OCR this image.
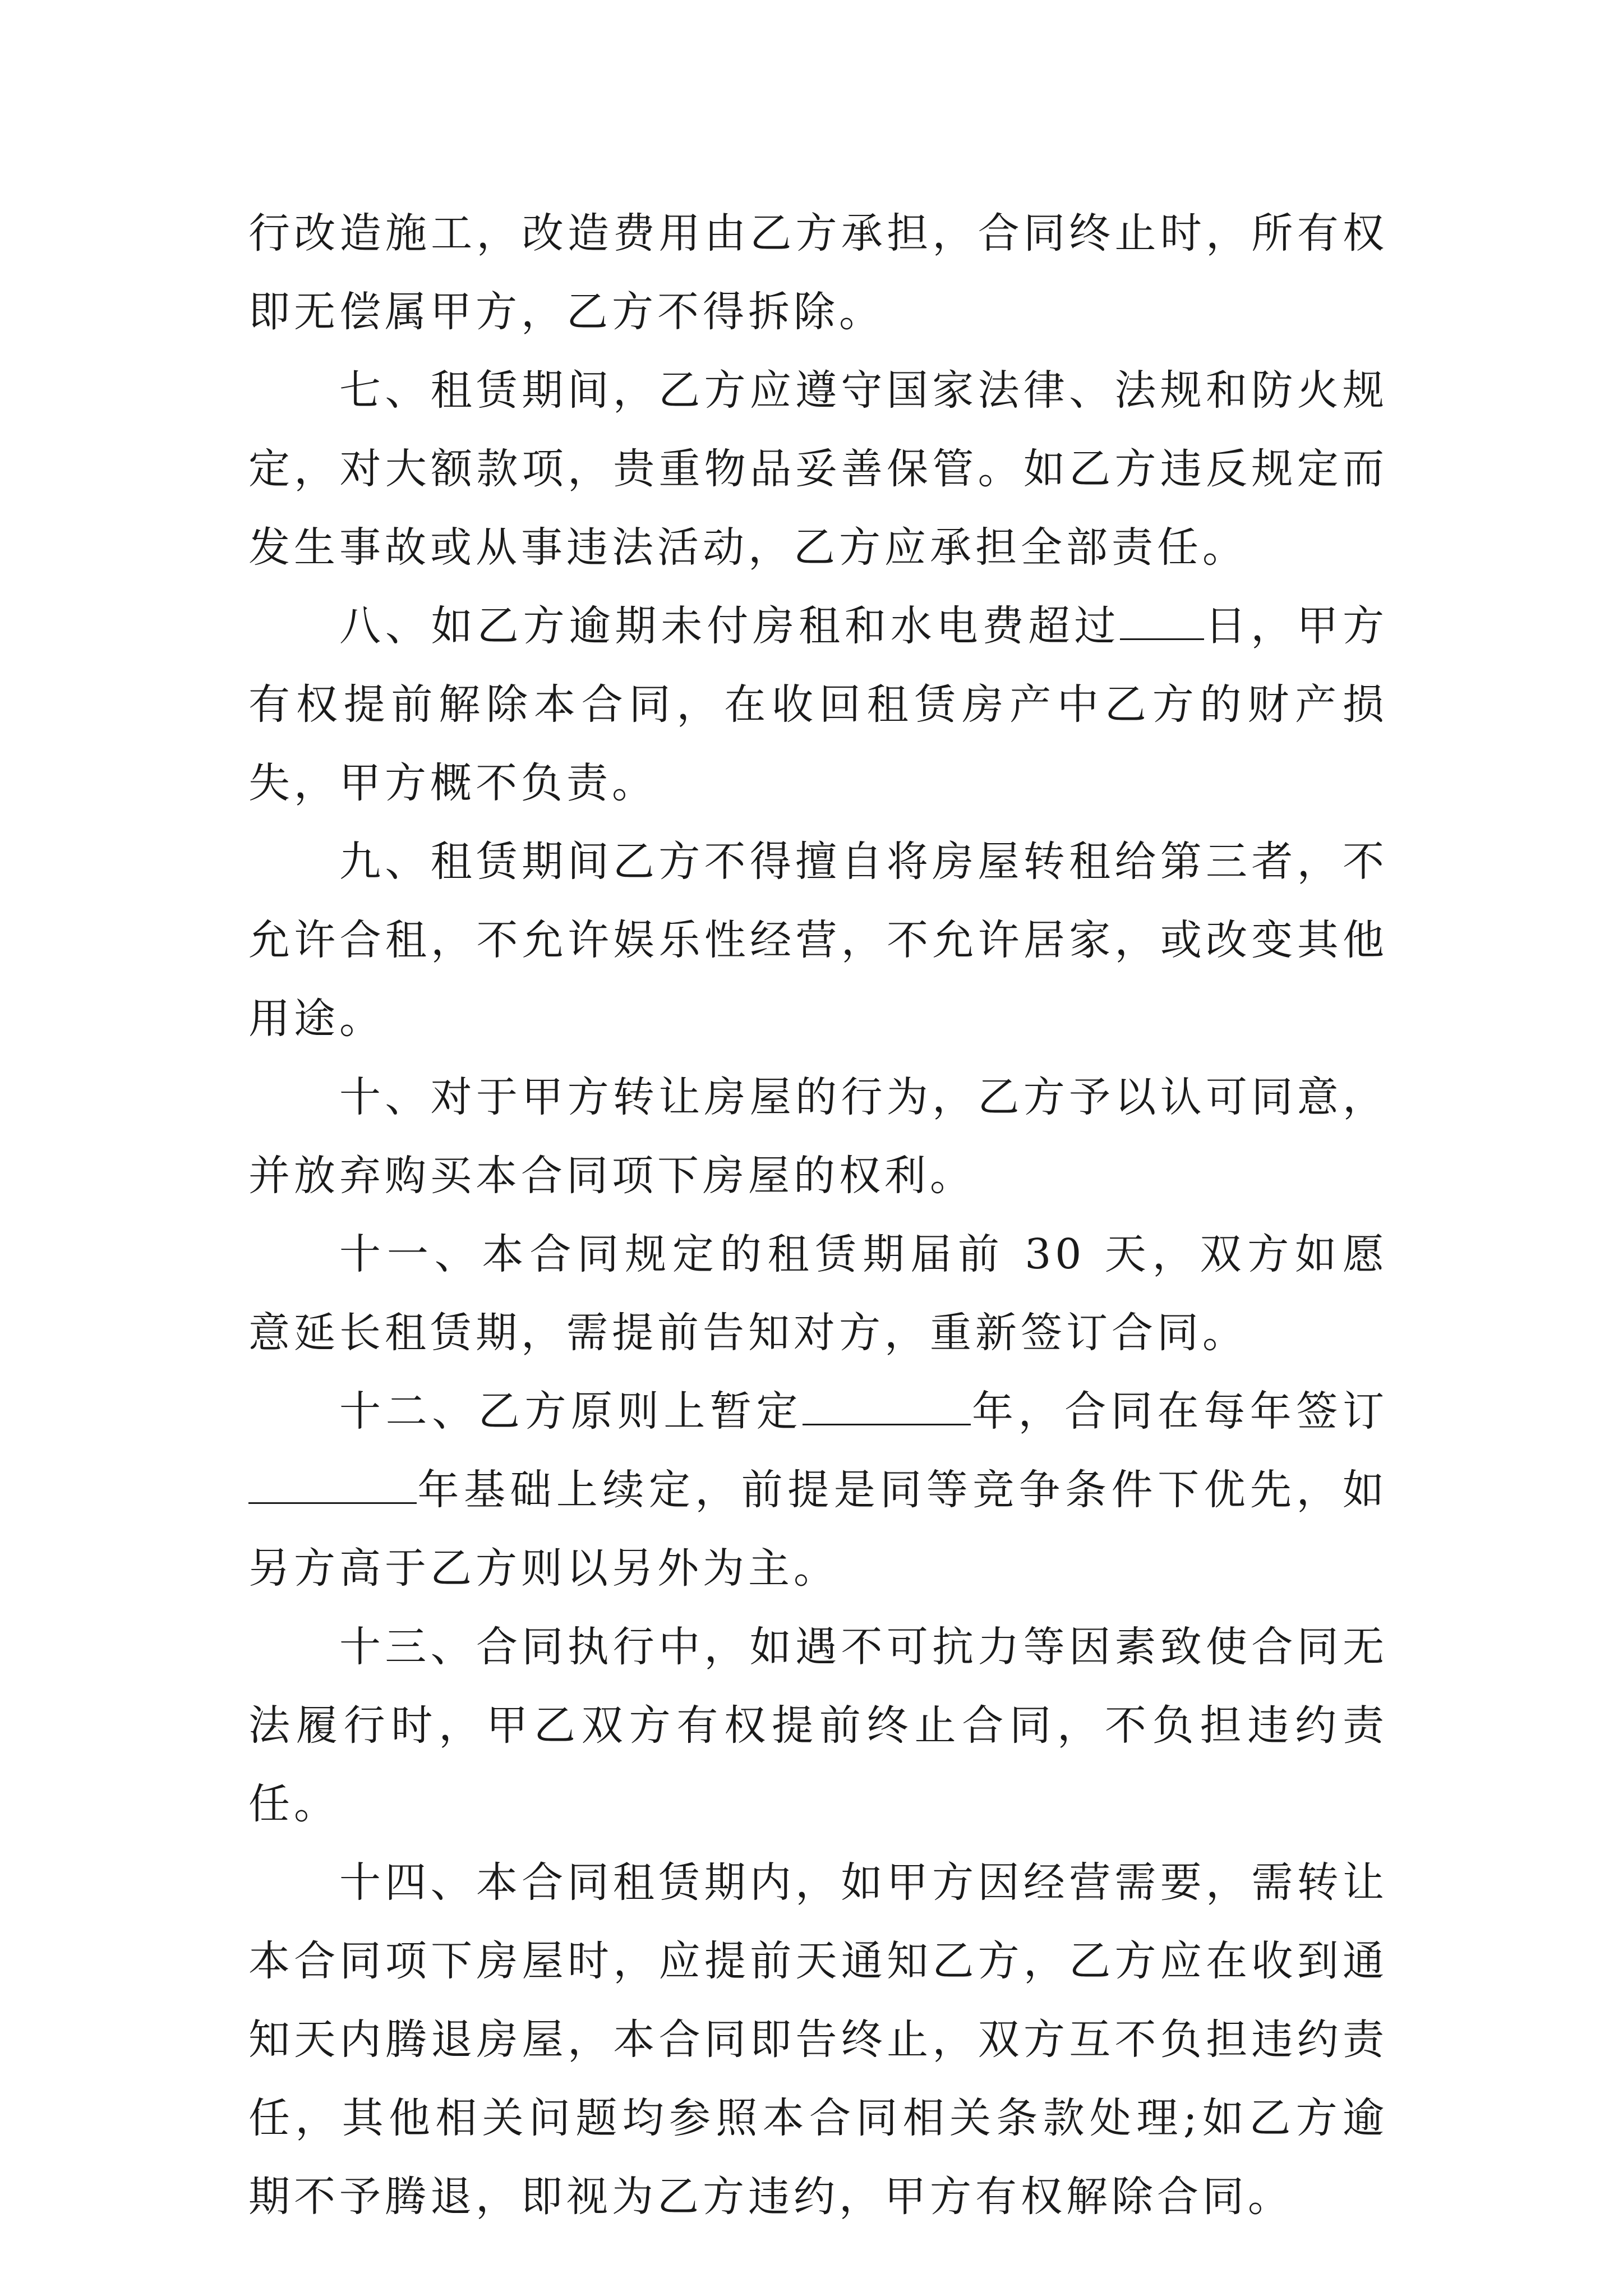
行改造施工，改造费用由乙方承担，合同终止时，所有权即无偿属甲方，乙方不得拆除。

七、租赁期间，乙方应遵守国家法律、法规和防火规定，对大额款项，贵重物品妥善保管。如乙方违反规定而发生事故或从事违法活动，乙方应承担全部责任。

八、如乙方逾期未付房租和水电费超过 日，甲方有权提前解除本合同，在收回租赁房产中乙方的财产损失，甲方概不负责。

九、租赁期间乙方不得擅自将房屋转租给第三者，不允许合租，不允许娱乐性经营，不允许居家，或改变其他用途。

十、对于甲方转让房屋的行为，乙方予以认可同意，并放弃购买本合同项下房屋的权利。

十一、本合同规定的租赁期届前 30 天，双方如愿意延长租赁期，需提前告知对方，重新签订合同。

十二、乙方原则上暂定	年，合同在每年签订年基础上续定，前提是同等竞争条件下优先，如另方高于乙方则以另外为主。

十三、合同执行中，如遇不可抗力等因素致使合同无法履行时，甲乙双方有权提前终止合同，不负担违约责任。

十四、本合同租赁期内，如甲方因经营需要，需转让本合同项下房屋时，应提前天通知乙方，乙方应在收到通知天内腾退房屋，本合同即告终止，双方互不负担违约责任，其他相关问题均参照本合同相关条款处理;如乙方逾期不予腾退，即视为乙方违约，甲方有权解除合同。
